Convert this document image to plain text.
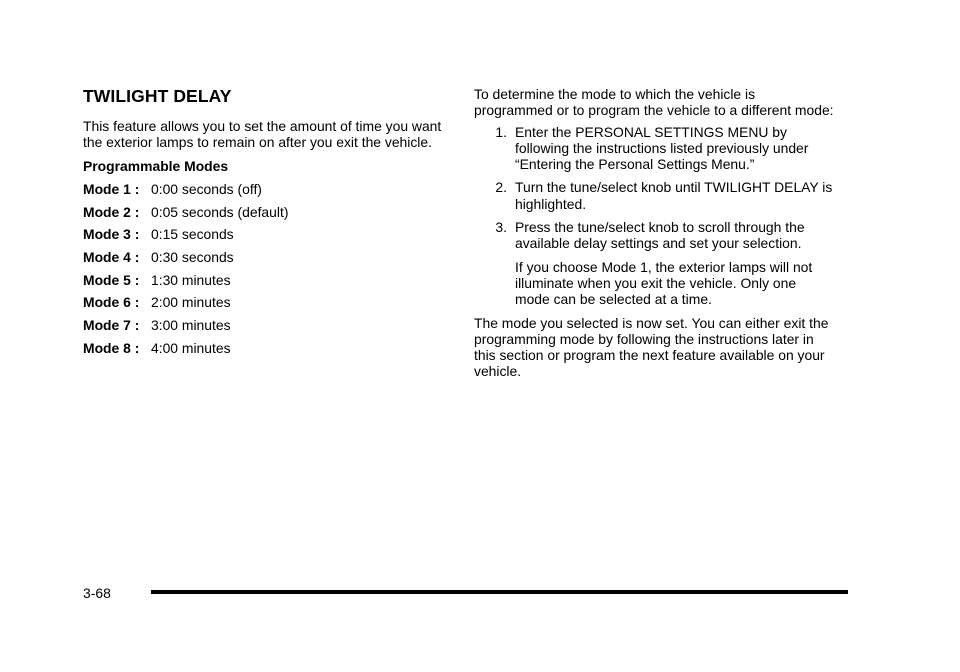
TWILIGHT DELAY

This feature allows you to set the amount of time you want the exterior lamps to remain on after you exit the vehicle.

Programmable Modes

Mode 1 : 0:00 seconds (off)
Mode 2 : 0:05 seconds (default)
Mode 3 : 0:15 seconds
Mode 4 : 0:30 seconds
Mode 5 : 1:30 minutes
Mode 6 : 2:00 minutes
Mode 7 : 3:00 minutes
Mode 8 : 4:00 minutes

To determine the mode to which the vehicle is programmed or to program the vehicle to a different mode:

1. Enter the PERSONAL SETTINGS MENU by following the instructions listed previously under “Entering the Personal Settings Menu.”
2. Turn the tune/select knob until TWILIGHT DELAY is highlighted.
3. Press the tune/select knob to scroll through the available delay settings and set your selection.
If you choose Mode 1, the exterior lamps will not illuminate when you exit the vehicle. Only one mode can be selected at a time.

The mode you selected is now set. You can either exit the programming mode by following the instructions later in this section or program the next feature available on your vehicle.

3-68
